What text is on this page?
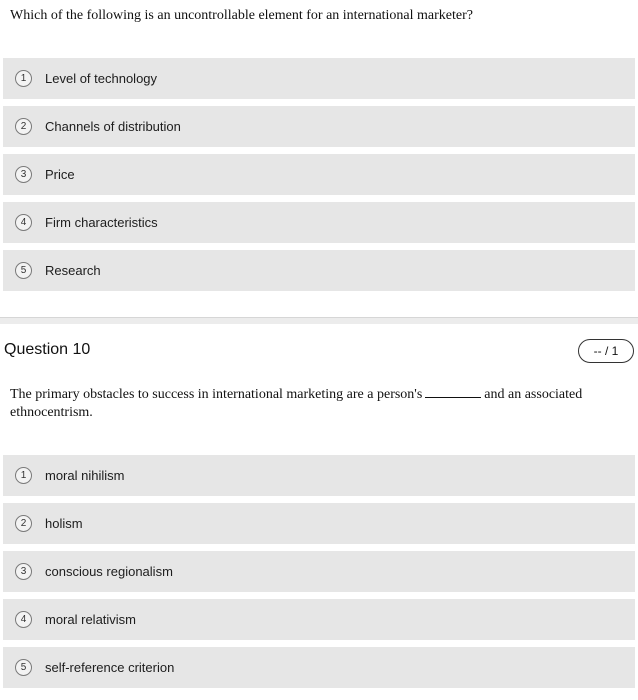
Which of the following is an uncontrollable element for an international marketer?
1	Level of technology
2	Channels of distribution
3	Price
4	Firm characteristics
5	Research
Question 10	-- / 1
The primary obstacles to success in international marketing are a person's	and an associated ethnocentrism.
1	moral nihilism
2	holism
3	conscious regionalism
4	moral relativism
5	self-reference criterion
